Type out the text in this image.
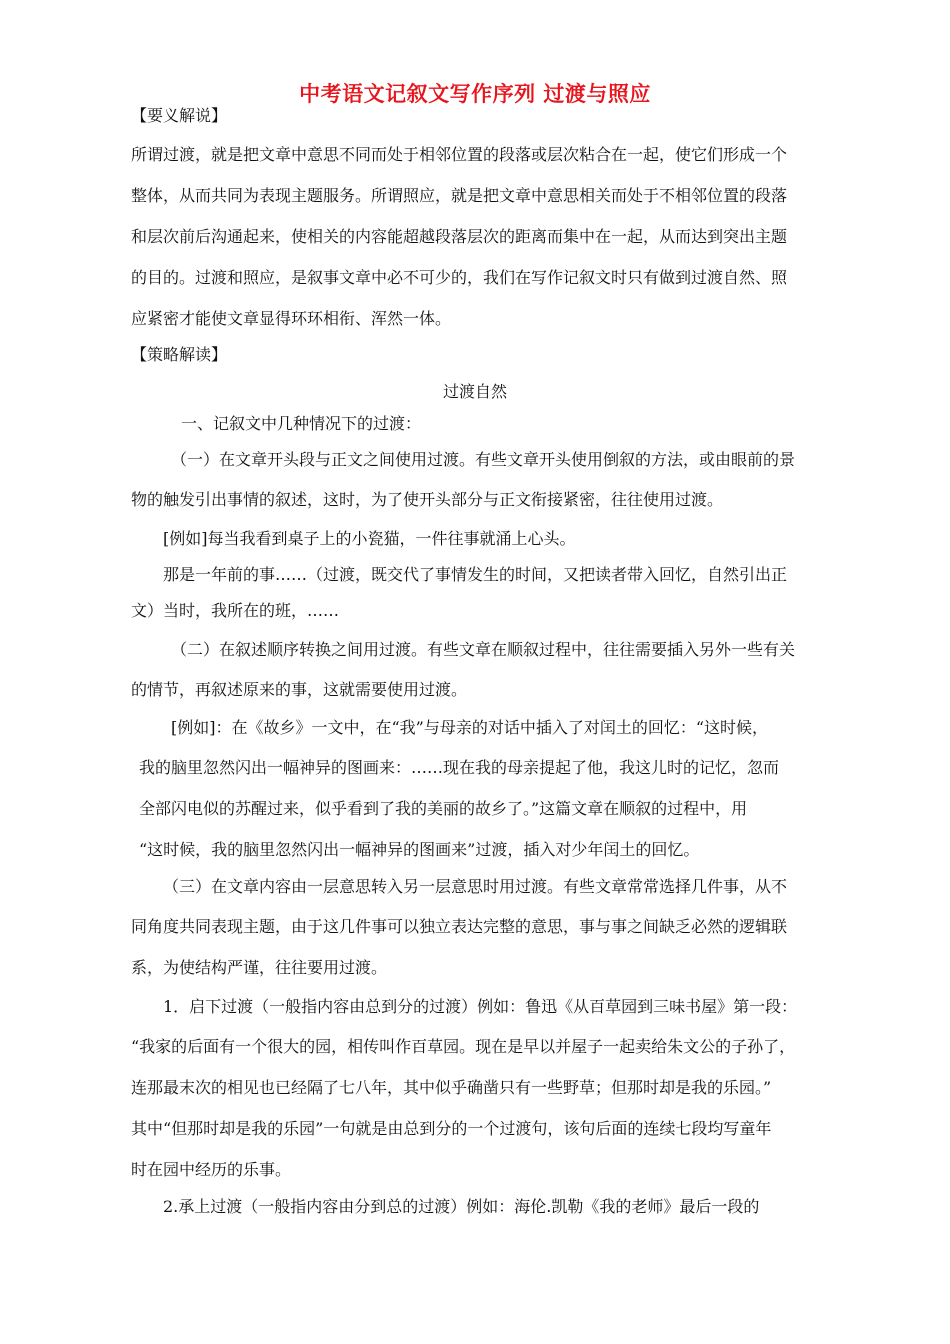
中考语文记叙文写作序列 过渡与照应
【要义解说】
所谓过渡，就是把文章中意思不同而处于相邻位置的段落或层次粘合在一起，使它们形成一个
整体，从而共同为表现主题服务。所谓照应，就是把文章中意思相关而处于不相邻位置的段落
和层次前后沟通起来，使相关的内容能超越段落层次的距离而集中在一起，从而达到突出主题
的目的。过渡和照应，是叙事文章中必不可少的，我们在写作记叙文时只有做到过渡自然、照
应紧密才能使文章显得环环相衔、浑然一体。
【策略解读】
过渡自然
一、记叙文中几种情况下的过渡：
（一）在文章开头段与正文之间使用过渡。有些文章开头使用倒叙的方法，或由眼前的景
物的触发引出事情的叙述，这时，为了使开头部分与正文衔接紧密，往往使用过渡。
[例如]每当我看到桌子上的小瓷猫，一件往事就涌上心头。
那是一年前的事……（过渡，既交代了事情发生的时间，又把读者带入回忆，自然引出正
文）当时，我所在的班，……
（二）在叙述顺序转换之间用过渡。有些文章在顺叙过程中，往往需要插入另外一些有关
的情节，再叙述原来的事，这就需要使用过渡。
[例如]：在《故乡》一文中，在“我”与母亲的对话中插入了对闰土的回忆：“这时候，
我的脑里忽然闪出一幅神异的图画来：……现在我的母亲提起了他，我这儿时的记忆，忽而
全部闪电似的苏醒过来，似乎看到了我的美丽的故乡了。”这篇文章在顺叙的过程中，用
“这时候，我的脑里忽然闪出一幅神异的图画来”过渡，插入对少年闰土的回忆。
（三）在文章内容由一层意思转入另一层意思时用过渡。有些文章常常选择几件事，从不
同角度共同表现主题，由于这几件事可以独立表达完整的意思，事与事之间缺乏必然的逻辑联
系，为使结构严谨，往往要用过渡。
1．启下过渡（一般指内容由总到分的过渡）例如：鲁迅《从百草园到三味书屋》第一段：
“我家的后面有一个很大的园，相传叫作百草园。现在是早以并屋子一起卖给朱文公的子孙了，
连那最末次的相见也已经隔了七八年，其中似乎确凿只有一些野草；但那时却是我的乐园。”
其中“但那时却是我的乐园”一句就是由总到分的一个过渡句，该句后面的连续七段均写童年
时在园中经历的乐事。
2.承上过渡（一般指内容由分到总的过渡）例如：海伦.凯勒《我的老师》最后一段的
